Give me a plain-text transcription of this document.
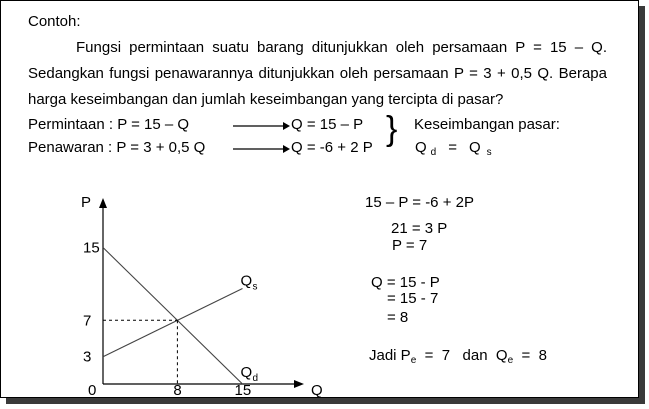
Contoh:
Fungsi permintaan suatu barang ditunjukkan oleh persamaan P = 15 – Q.
Sedangkan fungsi penawarannya ditunjukkan oleh persamaan P = 3 + 0,5 Q. Berapa
harga keseimbangan dan jumlah keseimbangan yang tercipta di pasar?
Permintaan : P = 15 – Q	Q = 15 – P } Keseimbangan pasar:
Penawaran : P = 3 + 0,5 Q	Q = -6 + 2 P	Q $_d$ = Q $_s$
P
Q
0
Q s
Q d
15
7
3
8	15
15 – P = -6 + 2P
21 = 3 P
P = 7
Q = 15 - P
= 15 - 7
= 8
Jadi $P_e = 7$   dan  $Q_e = 8$
